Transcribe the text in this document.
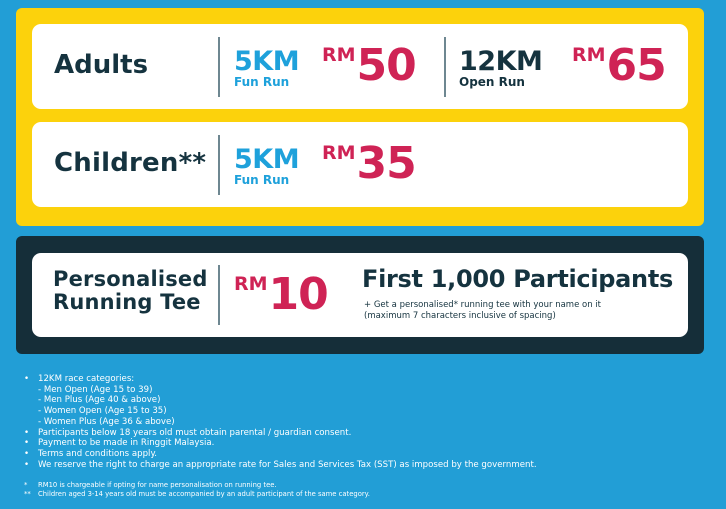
Adults	5KM
Fun Run
RM50 12KM
Open Run
RM65
Children** 5KM
Fun Run
RM35
Personalised
Running Tee
RM10 First 1,000 Participants
+ Get a personalised* running tee with your name on it
(maximum 7 characters inclusive of spacing)
• 12KM race categories:
- Men Open (Age 15 to 39)
- Men Plus (Age 40 & above)
- Women Open (Age 15 to 35)
- Women Plus (Age 36 & above)
• Participants below 18 years old must obtain parental / guardian consent.
• Payment to be made in Ringgit Malaysia.
• Terms and conditions apply.
• We reserve the right to charge an appropriate rate for Sales and Services Tax (SST) as imposed by the government.
* RM10 is chargeable if opting for name personalisation on running tee.
** Children aged 3-14 years old must be accompanied by an adult participant of the same category.
